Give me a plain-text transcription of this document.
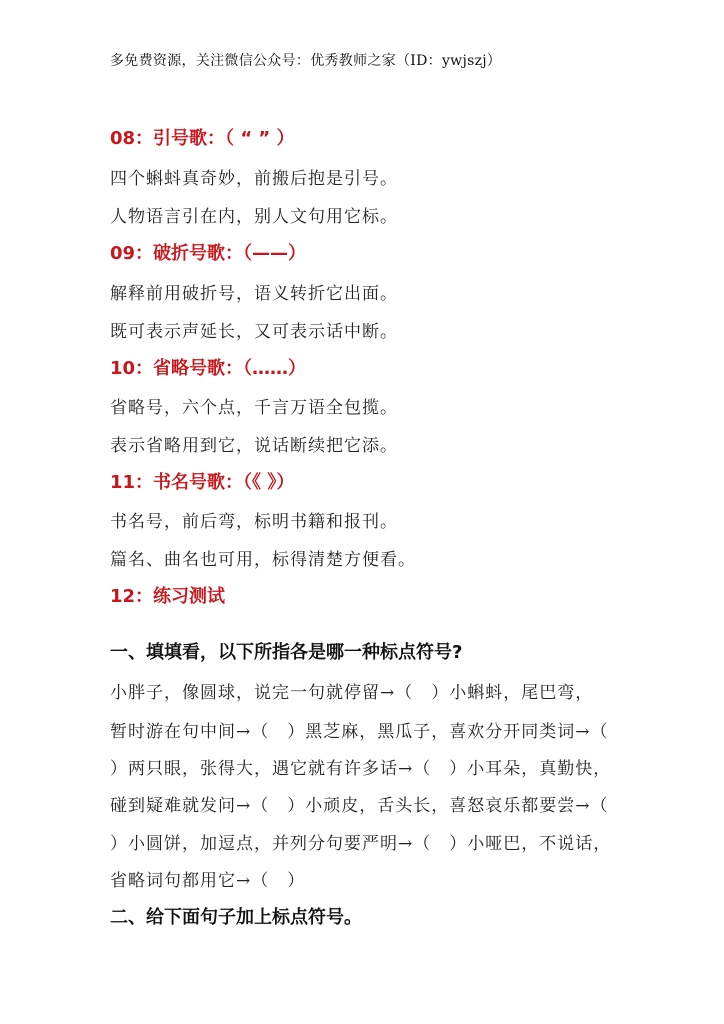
多免费资源，关注微信公众号：优秀教师之家（ID：ywjszj）
08：引号歌：（ “ ” ）
四个蝌蚪真奇妙，前搬后抱是引号。
人物语言引在内，别人文句用它标。
09：破折号歌：（——）
解释前用破折号，语义转折它出面。
既可表示声延长，又可表示话中断。
10：省略号歌：（……）
省略号，六个点，千言万语全包揽。
表示省略用到它，说话断续把它添。
11：书名号歌：（《 》）
书名号，前后弯，标明书籍和报刊。
篇名、曲名也可用，标得清楚方便看。
12：练习测试
一、填填看，以下所指各是哪一种标点符号?
小胖子，像圆球，说完一句就停留→（　）小蝌蚪，尾巴弯，
暂时游在句中间→（　）黑芝麻，黑瓜子，喜欢分开同类词→（
）两只眼，张得大，遇它就有许多话→（　）小耳朵，真勤快，
碰到疑难就发问→（　）小顽皮，舌头长，喜怒哀乐都要尝→（
）小圆饼，加逗点，并列分句要严明→（　）小哑巴，不说话，
省略词句都用它→（　）
二、给下面句子加上标点符号。
